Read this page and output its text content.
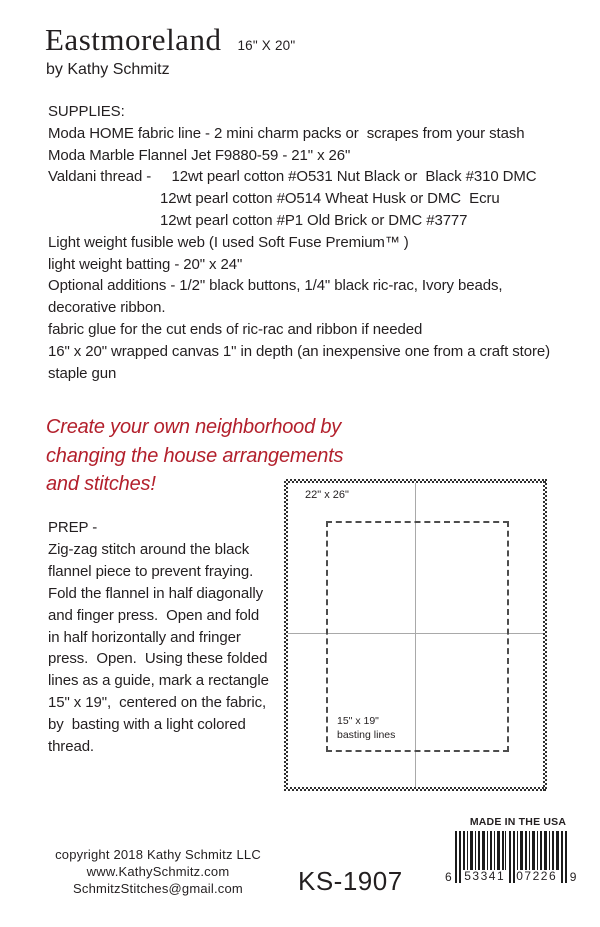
Eastmoreland 16" X 20"
by Kathy Schmitz
SUPPLIES:
Moda HOME fabric line - 2 mini charm packs or  scrapes from your stash
Moda Marble Flannel Jet F9880-59 - 21" x 26"
Valdani thread -     12wt pearl cotton #O531 Nut Black or  Black #310 DMC
12wt pearl cotton #O514 Wheat Husk or DMC  Ecru
12wt pearl cotton #P1 Old Brick or DMC #3777
Light weight fusible web (I used Soft Fuse Premium™ )
light weight batting - 20" x 24"
Optional additions - 1/2" black buttons, 1/4" black ric-rac, Ivory beads,
decorative ribbon.
fabric glue for the cut ends of ric-rac and ribbon if needed
16" x 20" wrapped canvas 1" in depth (an inexpensive one from a craft store)
staple gun
Create your own neighborhood by
changing the house arrangements
and stitches!
PREP -
Zig-zag stitch around the black
flannel piece to prevent fraying.
Fold the flannel in half diagonally
and finger press.  Open and fold
in half horizontally and fringer
press.  Open.  Using these folded
lines as a guide, mark a rectangle
15" x 19",  centered on the fabric,
by  basting with a light colored
thread.
22" x 26"
15" x 19"
basting lines
copyright 2018 Kathy Schmitz LLC
www.KathySchmitz.com
SchmitzStitches@gmail.com	KS-1907
MADE IN THE USA
6 53341 07226 9
